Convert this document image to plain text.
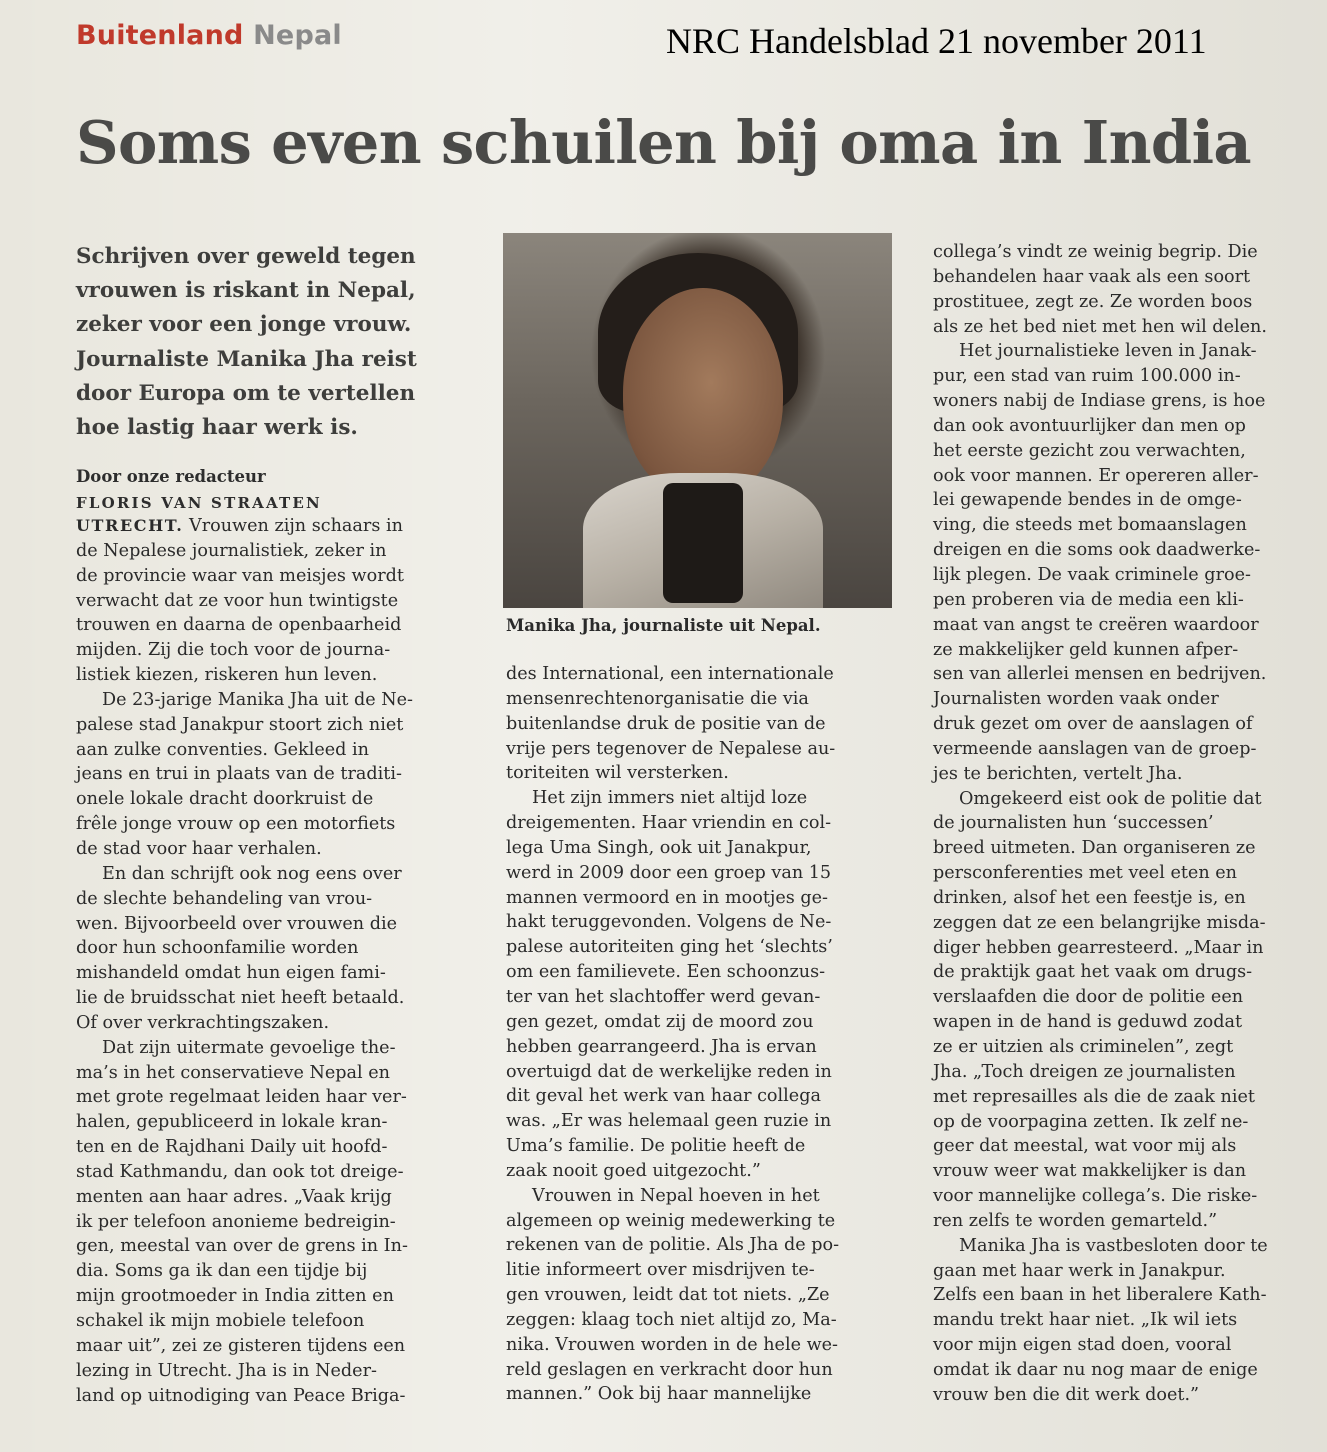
Buitenland Nepal	NRC Handelsblad 21 november 2011
Soms even schuilen bij oma in India
Schrijven over geweld tegen
vrouwen is riskant in Nepal,
zeker voor een jonge vrouw.
Journaliste Manika Jha reist
door Europa om te vertellen
hoe lastig haar werk is.
Door onze redacteur
FLORIS VAN STRAATEN
Manika Jha, journaliste uit Nepal.
UTRECHT. Vrouwen zijn schaars in
de Nepalese journalistiek, zeker in
de provincie waar van meisjes wordt
verwacht dat ze voor hun twintigste
trouwen en daarna de openbaarheid
mijden. Zij die toch voor de journa-
listiek kiezen, riskeren hun leven.
De 23-jarige Manika Jha uit de Ne-
palese stad Janakpur stoort zich niet
aan zulke conventies. Gekleed in
jeans en trui in plaats van de traditi-
onele lokale dracht doorkruist de
frêle jonge vrouw op een motorfiets
de stad voor haar verhalen.
En dan schrijft ook nog eens over
de slechte behandeling van vrou-
wen. Bijvoorbeeld over vrouwen die
door hun schoonfamilie worden
mishandeld omdat hun eigen fami-
lie de bruidsschat niet heeft betaald.
Of over verkrachtingszaken.
Dat zijn uitermate gevoelige the-
ma’s in het conservatieve Nepal en
met grote regelmaat leiden haar ver-
halen, gepubliceerd in lokale kran-
ten en de Rajdhani Daily uit hoofd-
stad Kathmandu, dan ook tot dreige-
menten aan haar adres. „Vaak krijg
ik per telefoon anonieme bedreigin-
gen, meestal van over de grens in In-
dia. Soms ga ik dan een tijdje bij
mijn grootmoeder in India zitten en
schakel ik mijn mobiele telefoon
maar uit”, zei ze gisteren tijdens een
lezing in Utrecht. Jha is in Neder-
land op uitnodiging van Peace Briga-
des International, een internationale
mensenrechtenorganisatie die via
buitenlandse druk de positie van de
vrije pers tegenover de Nepalese au-
toriteiten wil versterken.
Het zijn immers niet altijd loze
dreigementen. Haar vriendin en col-
lega Uma Singh, ook uit Janakpur,
werd in 2009 door een groep van 15
mannen vermoord en in mootjes ge-
hakt teruggevonden. Volgens de Ne-
palese autoriteiten ging het ‘slechts’
om een familievete. Een schoonzus-
ter van het slachtoffer werd gevan-
gen gezet, omdat zij de moord zou
hebben gearrangeerd. Jha is ervan
overtuigd dat de werkelijke reden in
dit geval het werk van haar collega
was. „Er was helemaal geen ruzie in
Uma’s familie. De politie heeft de
zaak nooit goed uitgezocht.”
Vrouwen in Nepal hoeven in het
algemeen op weinig medewerking te
rekenen van de politie. Als Jha de po-
litie informeert over misdrijven te-
gen vrouwen, leidt dat tot niets. „Ze
zeggen: klaag toch niet altijd zo, Ma-
nika. Vrouwen worden in de hele we-
reld geslagen en verkracht door hun
mannen.” Ook bij haar mannelijke
collega’s vindt ze weinig begrip. Die
behandelen haar vaak als een soort
prostituee, zegt ze. Ze worden boos
als ze het bed niet met hen wil delen.
Het journalistieke leven in Janak-
pur, een stad van ruim 100.000 in-
woners nabij de Indiase grens, is hoe
dan ook avontuurlijker dan men op
het eerste gezicht zou verwachten,
ook voor mannen. Er opereren aller-
lei gewapende bendes in de omge-
ving, die steeds met bomaanslagen
dreigen en die soms ook daadwerke-
lijk plegen. De vaak criminele groe-
pen proberen via de media een kli-
maat van angst te creëren waardoor
ze makkelijker geld kunnen afper-
sen van allerlei mensen en bedrijven.
Journalisten worden vaak onder
druk gezet om over de aanslagen of
vermeende aanslagen van de groep-
jes te berichten, vertelt Jha.
Omgekeerd eist ook de politie dat
de journalisten hun ‘successen’
breed uitmeten. Dan organiseren ze
persconferenties met veel eten en
drinken, alsof het een feestje is, en
zeggen dat ze een belangrijke misda-
diger hebben gearresteerd. „Maar in
de praktijk gaat het vaak om drugs-
verslaafden die door de politie een
wapen in de hand is geduwd zodat
ze er uitzien als criminelen”, zegt
Jha. „Toch dreigen ze journalisten
met represailles als die de zaak niet
op de voorpagina zetten. Ik zelf ne-
geer dat meestal, wat voor mij als
vrouw weer wat makkelijker is dan
voor mannelijke collega’s. Die riske-
ren zelfs te worden gemarteld.”
Manika Jha is vastbesloten door te
gaan met haar werk in Janakpur.
Zelfs een baan in het liberalere Kath-
mandu trekt haar niet. „Ik wil iets
voor mijn eigen stad doen, vooral
omdat ik daar nu nog maar de enige
vrouw ben die dit werk doet.”
